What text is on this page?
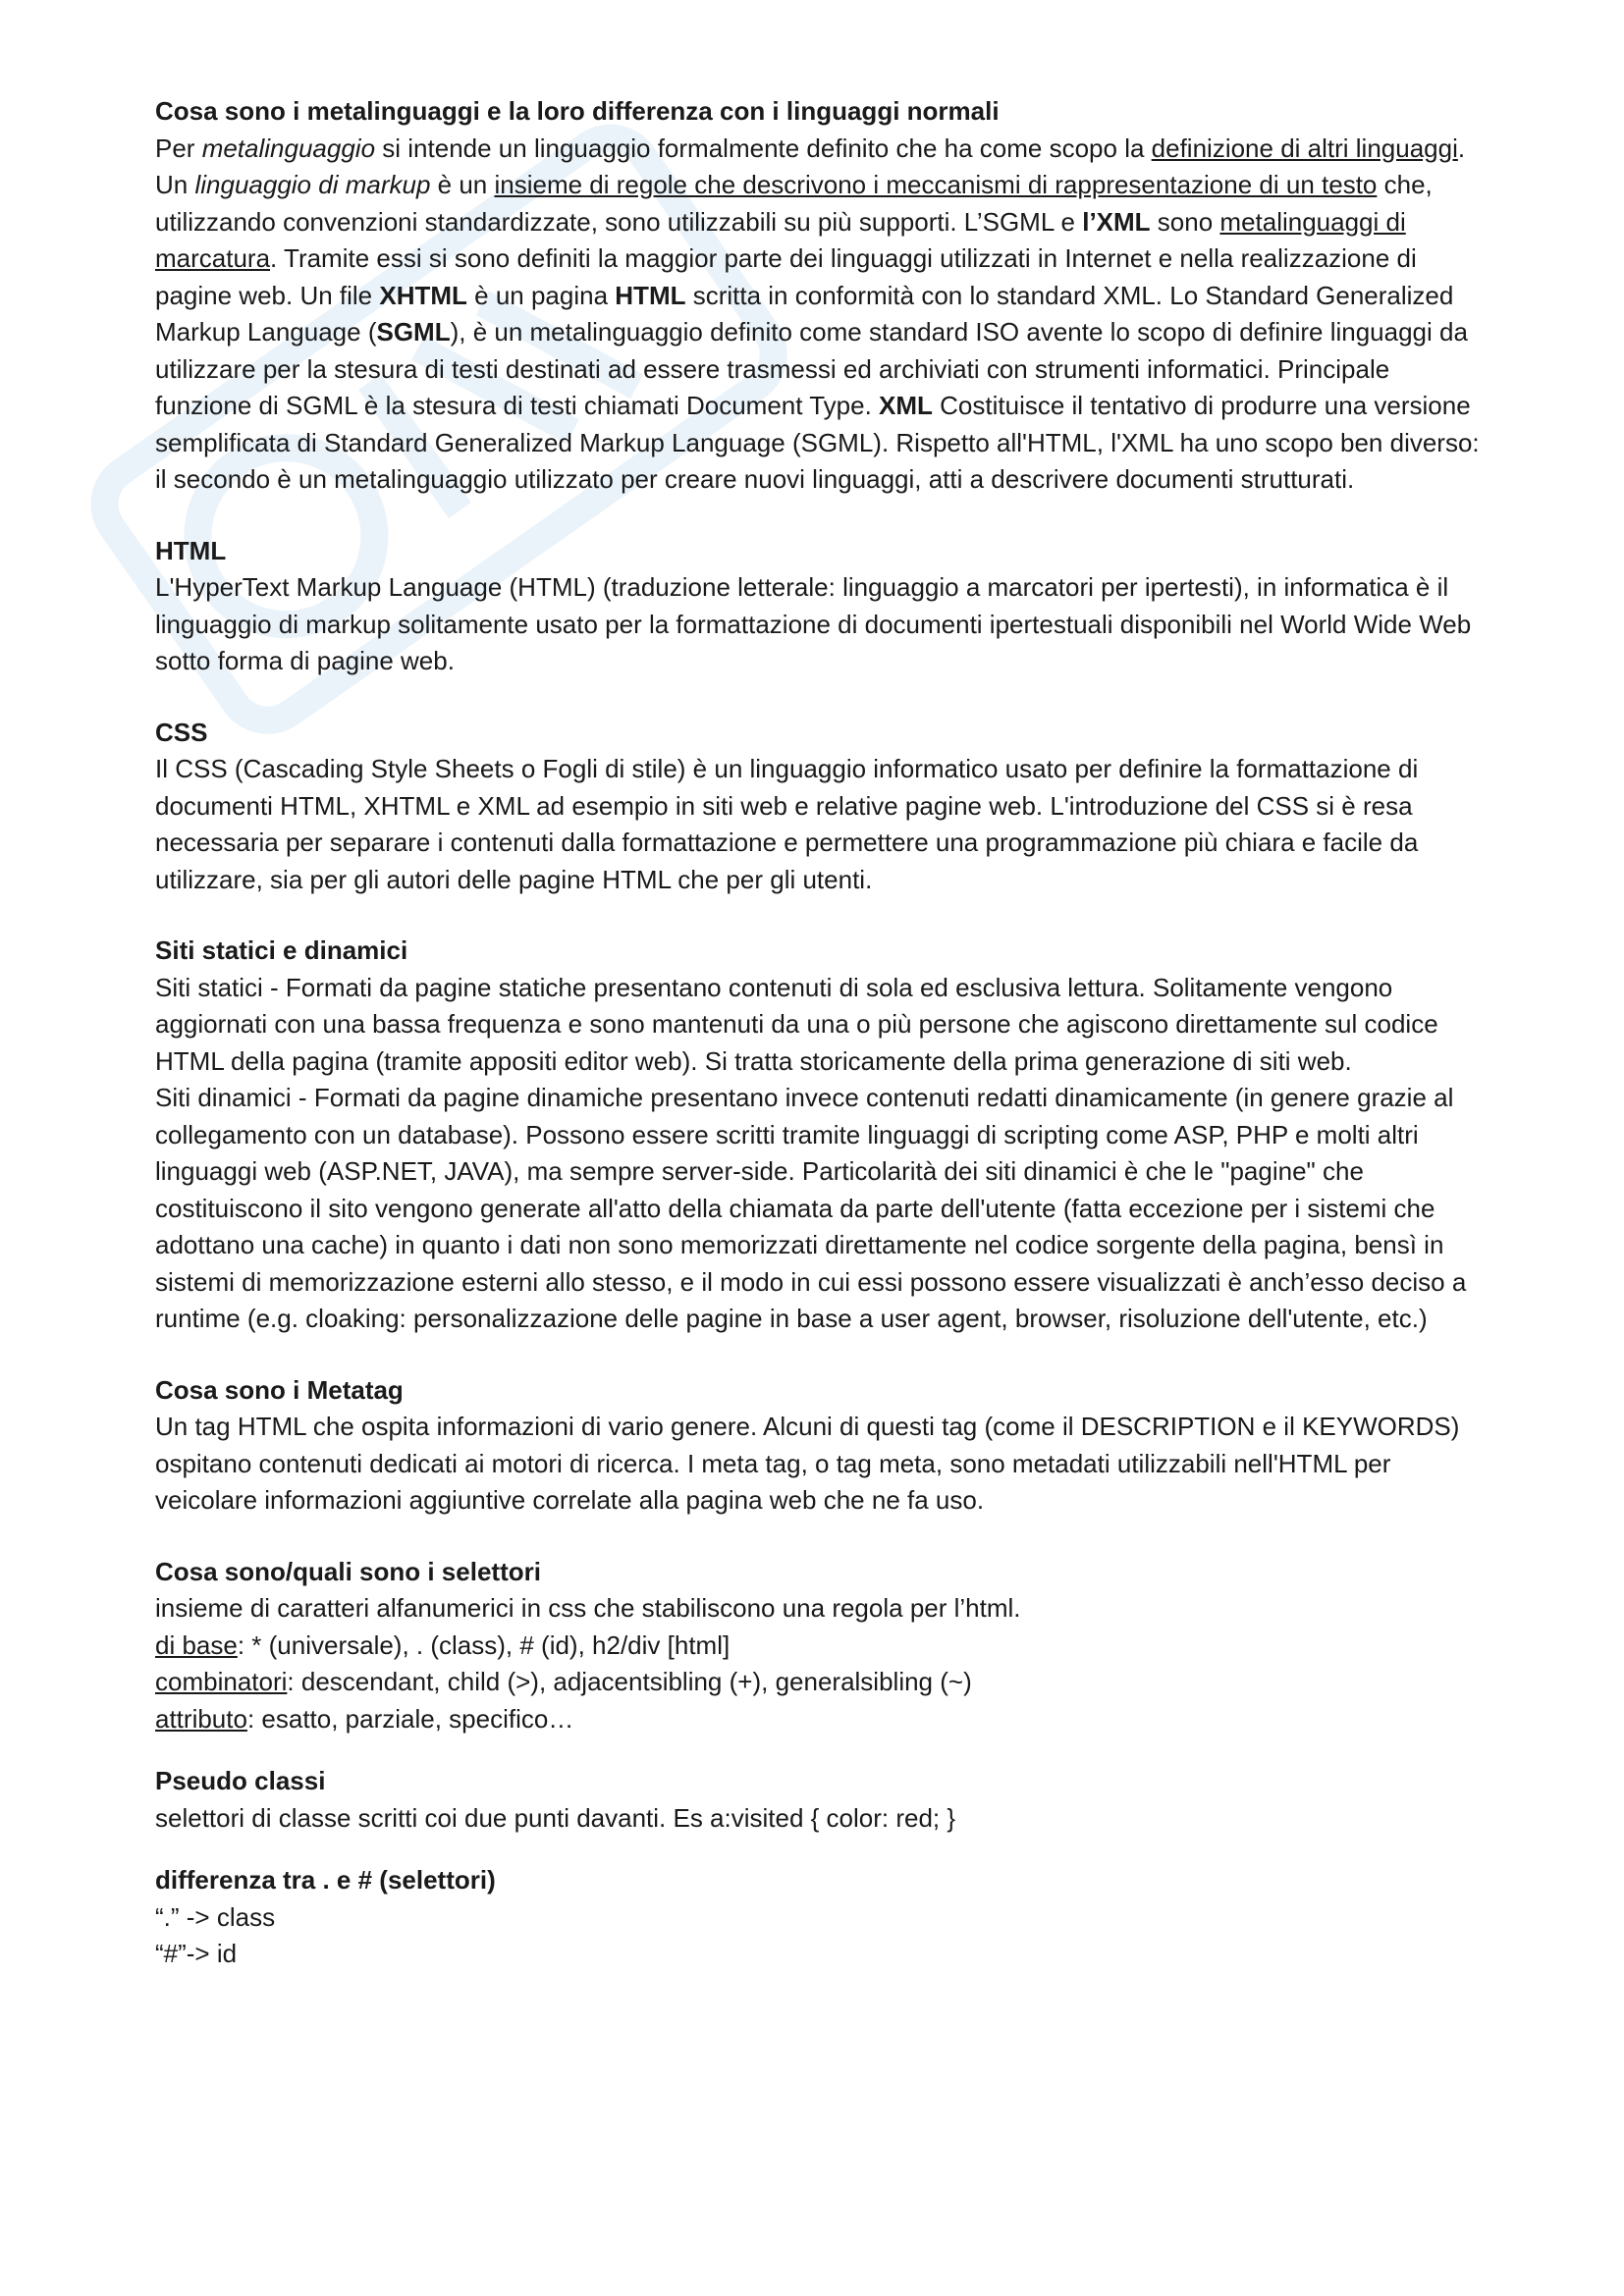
Cosa sono i metalinguaggi e la loro differenza con i linguaggi normali

Per metalinguaggio si intende un linguaggio formalmente definito che ha come scopo la definizione di altri linguaggi. Un linguaggio di markup è un insieme di regole che descrivono i meccanismi di rappresentazione di un testo che, utilizzando convenzioni standardizzate, sono utilizzabili su più supporti. L’SGML e l’XML sono metalinguaggi di marcatura. Tramite essi si sono definiti la maggior parte dei linguaggi utilizzati in Internet e nella realizzazione di pagine web. Un file XHTML è un pagina HTML scritta in conformità con lo standard XML. Lo Standard Generalized Markup Language (SGML), è un metalinguaggio definito come standard ISO avente lo scopo di definire linguaggi da utilizzare per la stesura di testi destinati ad essere trasmessi ed archiviati con strumenti informatici. Principale funzione di SGML è la stesura di testi chiamati Document Type. XML Costituisce il tentativo di produrre una versione semplificata di Standard Generalized Markup Language (SGML). Rispetto all'HTML, l'XML ha uno scopo ben diverso: il secondo è un metalinguaggio utilizzato per creare nuovi linguaggi, atti a descrivere documenti strutturati.

HTML

L'HyperText Markup Language (HTML) (traduzione letterale: linguaggio a marcatori per ipertesti), in informatica è il linguaggio di markup solitamente usato per la formattazione di documenti ipertestuali disponibili nel World Wide Web sotto forma di pagine web.

CSS

Il CSS (Cascading Style Sheets o Fogli di stile) è un linguaggio informatico usato per definire la formattazione di documenti HTML, XHTML e XML ad esempio in siti web e relative pagine web. L'introduzione del CSS si è resa necessaria per separare i contenuti dalla formattazione e permettere una programmazione più chiara e facile da utilizzare, sia per gli autori delle pagine HTML che per gli utenti.

Siti statici e dinamici

Siti statici - Formati da pagine statiche presentano contenuti di sola ed esclusiva lettura. Solitamente vengono aggiornati con una bassa frequenza e sono mantenuti da una o più persone che agiscono direttamente sul codice HTML della pagina (tramite appositi editor web). Si tratta storicamente della prima generazione di siti web.

Siti dinamici - Formati da pagine dinamiche presentano invece contenuti redatti dinamicamente (in genere grazie al collegamento con un database). Possono essere scritti tramite linguaggi di scripting come ASP, PHP e molti altri linguaggi web (ASP.NET, JAVA), ma sempre server-side. Particolarità dei siti dinamici è che le "pagine" che costituiscono il sito vengono generate all'atto della chiamata da parte dell'utente (fatta eccezione per i sistemi che adottano una cache) in quanto i dati non sono memorizzati direttamente nel codice sorgente della pagina, bensì in sistemi di memorizzazione esterni allo stesso, e il modo in cui essi possono essere visualizzati è anch’esso deciso a runtime (e.g. cloaking: personalizzazione delle pagine in base a user agent, browser, risoluzione dell'utente, etc.)

Cosa sono i Metatag

Un tag HTML che ospita informazioni di vario genere. Alcuni di questi tag (come il DESCRIPTION e il KEYWORDS) ospitano contenuti dedicati ai motori di ricerca. I meta tag, o tag meta, sono metadati utilizzabili nell'HTML per veicolare informazioni aggiuntive correlate alla pagina web che ne fa uso.

Cosa sono/quali sono i selettori

insieme di caratteri alfanumerici in css che stabiliscono una regola per l’html.

di base: * (universale), . (class), # (id), h2/div [html]
combinatori: descendant, child (>), adjacentsibling (+), generalsibling (~)
attributo: esatto, parziale, specifico…
Pseudo classi

selettori di classe scritti coi due punti davanti. Es a:visited { color: red; }

differenza tra . e # (selettori)
“.” -> class
“#”-> id
